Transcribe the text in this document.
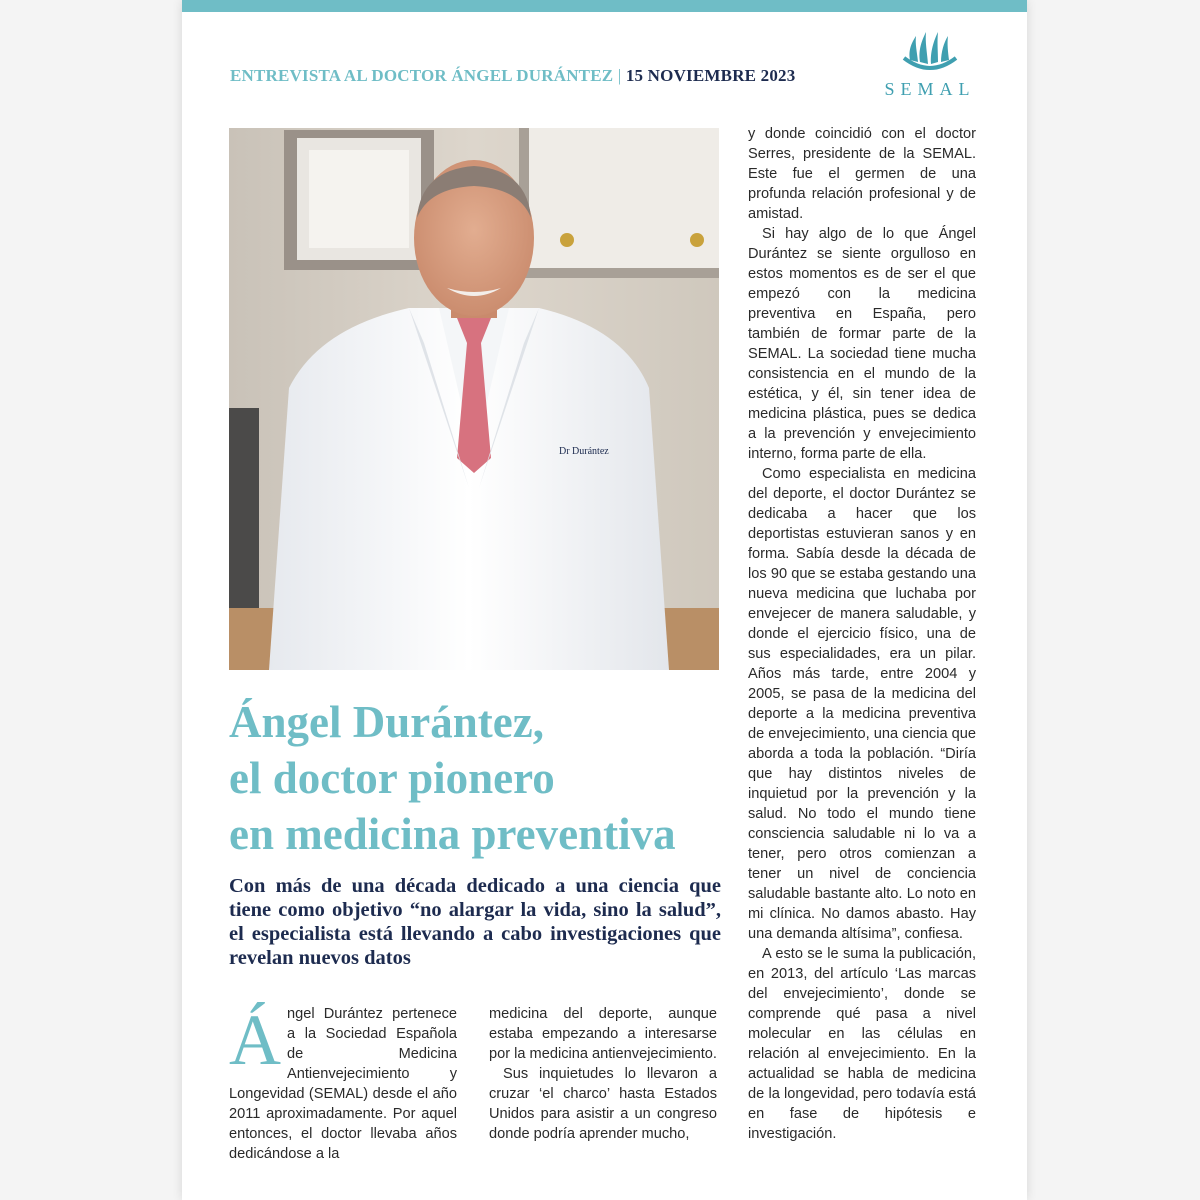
ENTREVISTA AL DOCTOR ÁNGEL DURÁNTEZ | 15 NOVIEMBRE 2023
SEMAL
Dr Durántez
Ángel Durántez,
el doctor pionero
en medicina preventiva
Con más de una década dedicado a una ciencia que tiene como objetivo “no alargar la vida, sino la salud”, el especialista está llevando a cabo investigaciones que revelan nuevos datos
Á ngel Durántez pertenece a la Sociedad Española de Medicina Antienvejecimiento y Longevidad (SEMAL) desde el año 2011 aproximadamente. Por aquel entonces, el doctor llevaba años dedicándose a la

medicina del deporte, aunque estaba empezando a interesarse por la medicina antienvejecimiento.

Sus inquietudes lo llevaron a cruzar ‘el charco’ hasta Estados Unidos para asistir a un congreso donde podría aprender mucho,

y donde coincidió con el doctor Serres, presidente de la SEMAL. Este fue el germen de una profunda relación profesional y de amistad.

Si hay algo de lo que Ángel Durántez se siente orgulloso en estos momentos es de ser el que empezó con la medicina preventiva en España, pero también de formar parte de la SEMAL. La sociedad tiene mucha consistencia en el mundo de la estética, y él, sin tener idea de medicina plástica, pues se dedica a la prevención y envejecimiento interno, forma parte de ella.

Como especialista en medicina del deporte, el doctor Durántez se dedicaba a hacer que los deportistas estuvieran sanos y en forma. Sabía desde la década de los 90 que se estaba gestando una nueva medicina que luchaba por envejecer de manera saludable, y donde el ejercicio físico, una de sus especialidades, era un pilar. Años más tarde, entre 2004 y 2005, se pasa de la medicina del deporte a la medicina preventiva de envejecimiento, una ciencia que aborda a toda la población. “Diría que hay distintos niveles de inquietud por la prevención y la salud. No todo el mundo tiene consciencia saludable ni lo va a tener, pero otros comienzan a tener un nivel de conciencia saludable bastante alto. Lo noto en mi clínica. No damos abasto. Hay una demanda altísima”, confiesa.

A esto se le suma la publicación, en 2013, del artículo ‘Las marcas del envejecimiento’, donde se comprende qué pasa a nivel molecular en las células en relación al envejecimiento. En la actualidad se habla de medicina de la longevidad, pero todavía está en fase de hipótesis e investigación.
